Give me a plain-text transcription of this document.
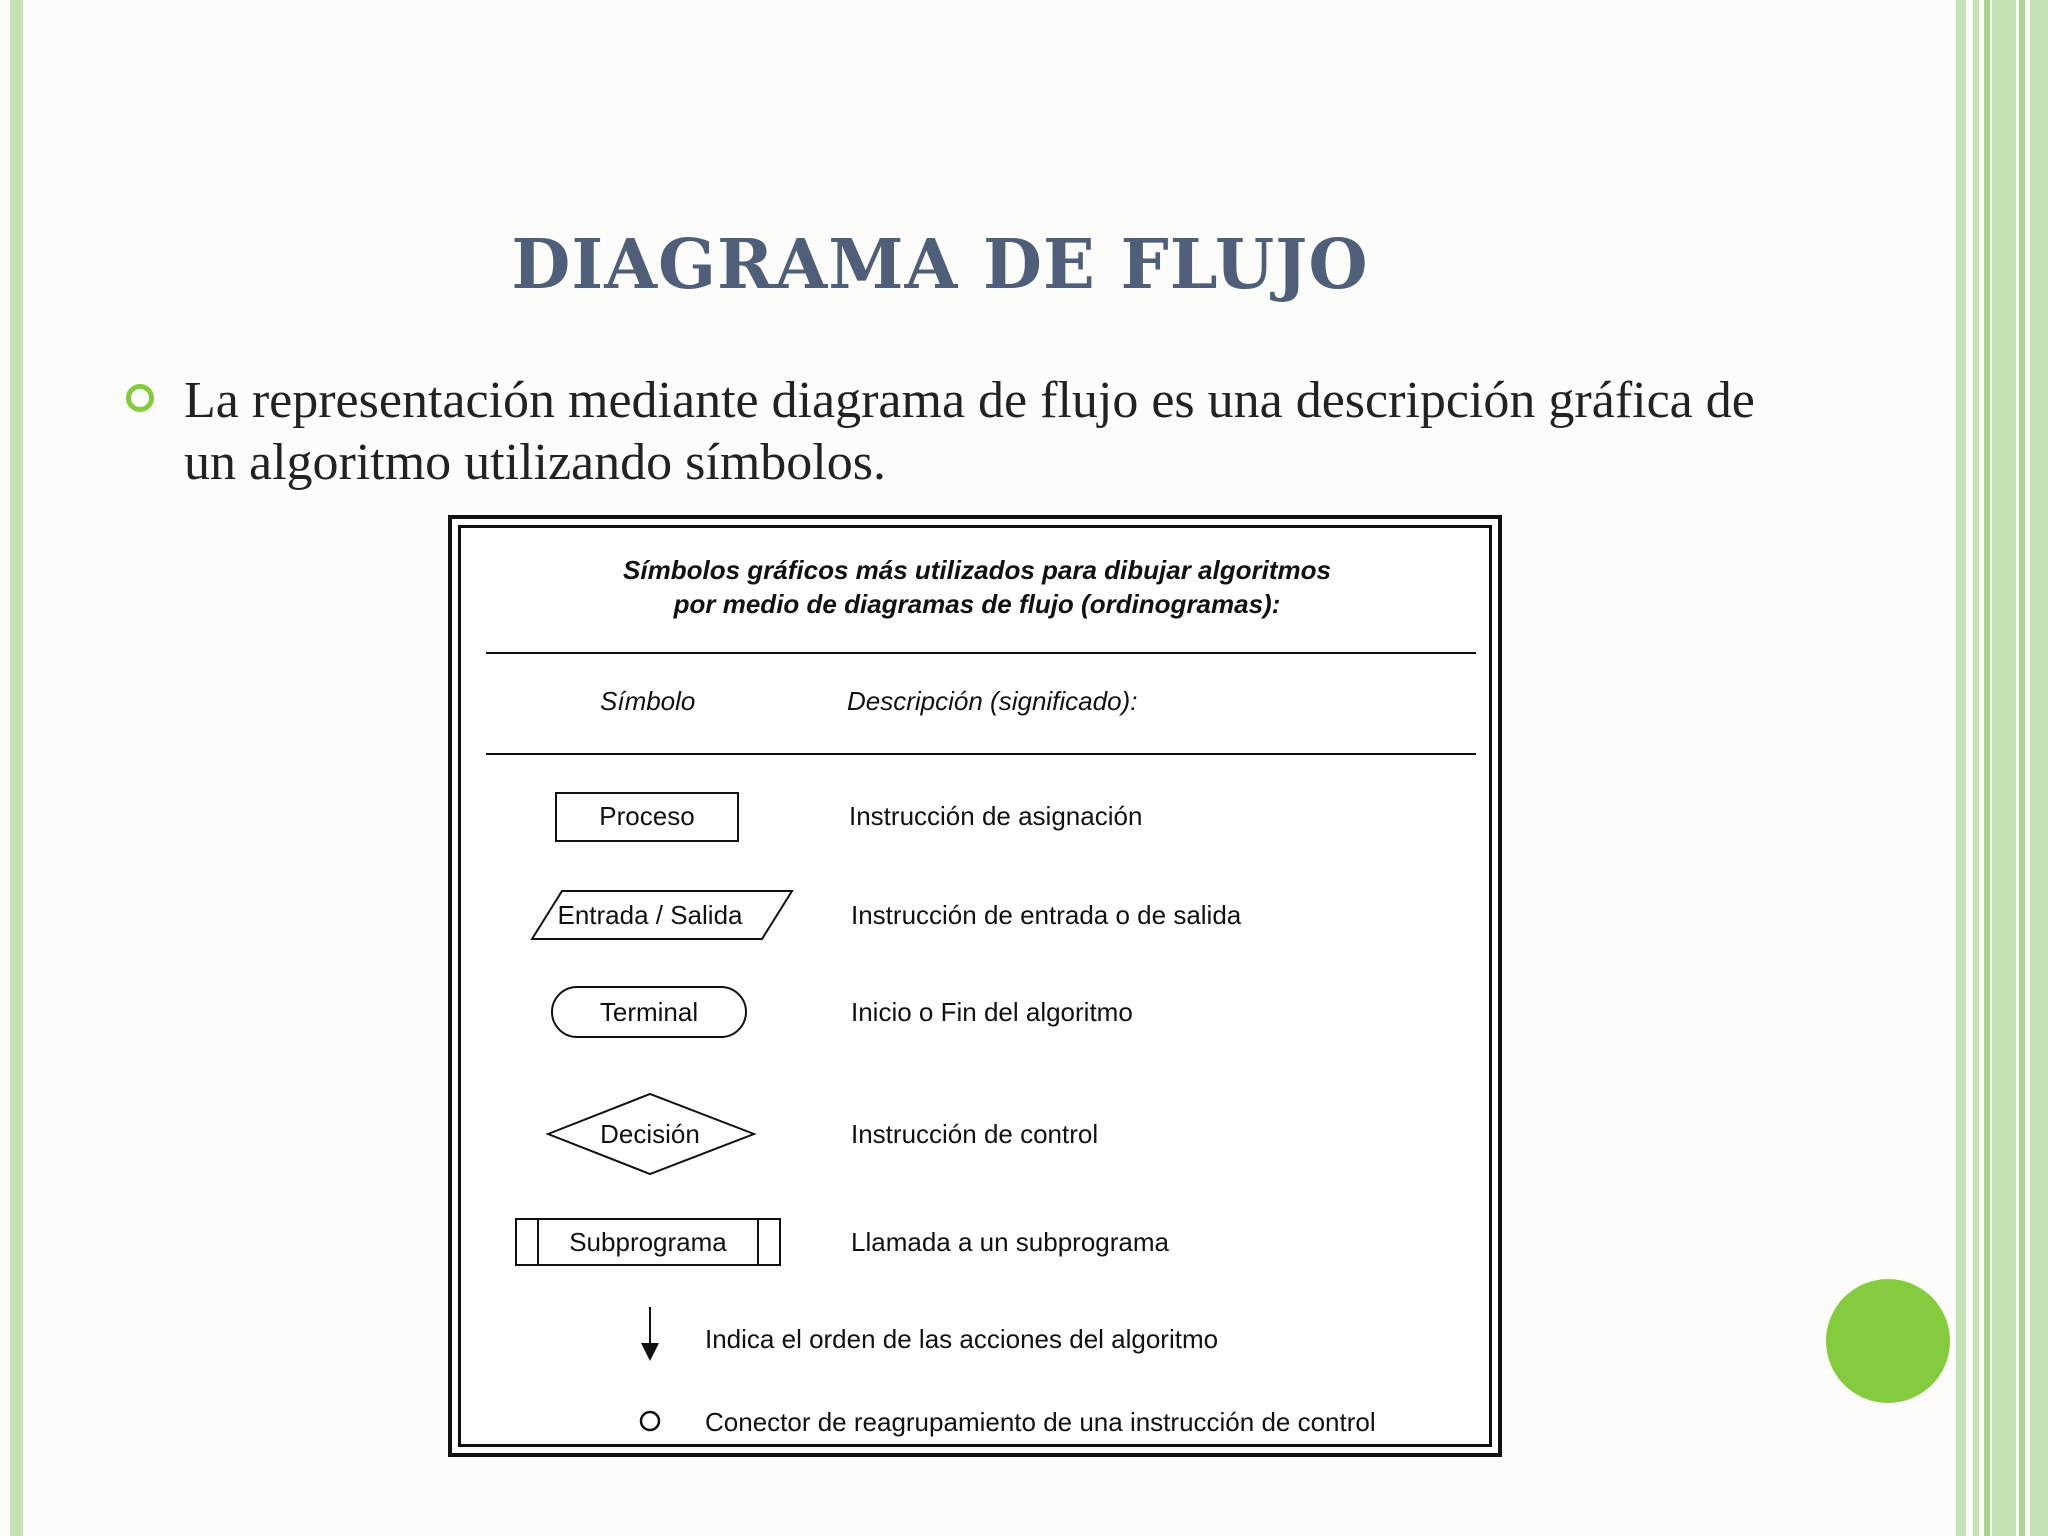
DIAGRAMA DE FLUJO
La representación mediante diagrama de flujo es una descripción gráfica de un algoritmo utilizando símbolos.
Símbolos gráficos más utilizados para dibujar algoritmos
por medio de diagramas de flujo (ordinogramas):
Símbolo	Descripción (significado):
Proceso	Instrucción de asignación
Entrada / Salida	Instrucción de entrada o de salida
Terminal	Inicio o Fin del algoritmo
Decisión	Instrucción de control
Subprograma	Llamada a un subprograma
Indica el orden de las acciones del algoritmo
Conector de reagrupamiento de una instrucción de control
